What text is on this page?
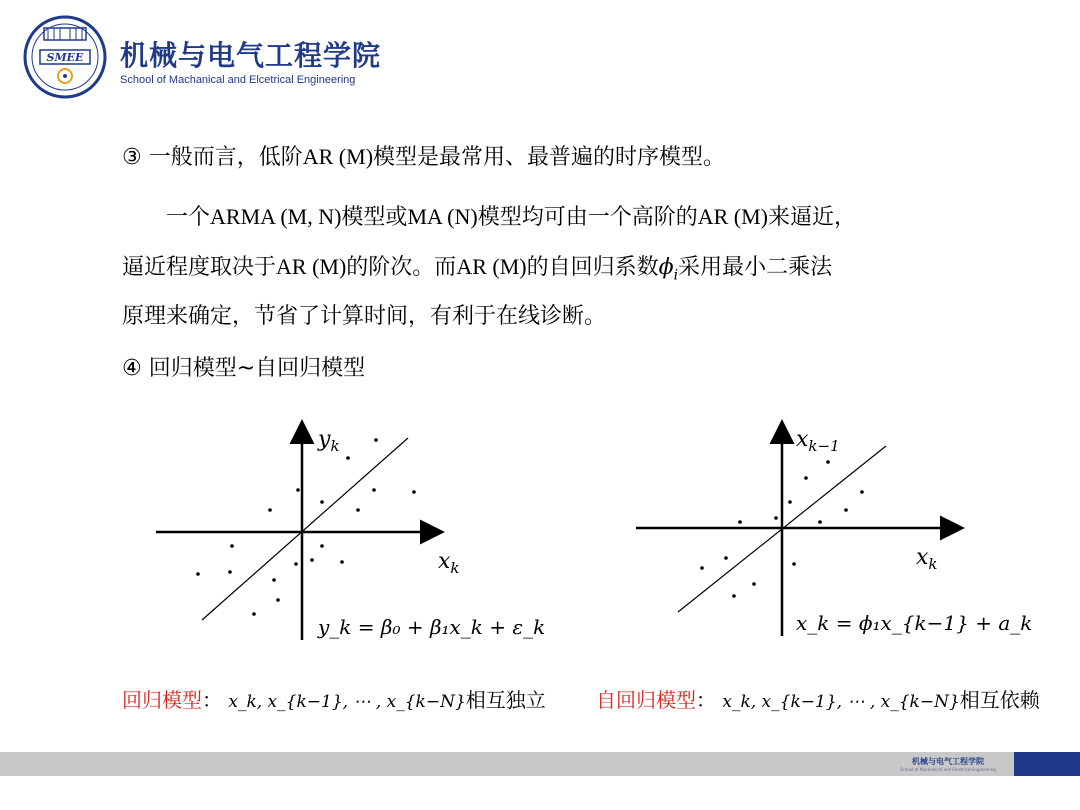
SMEE 机械与电气工程学院
School of Machanical and Elcetrical Engineering
③ 一般而言，低阶AR (M)模型是最常用、最普遍的时序模型。
一个ARMA (M, N)模型或MA (N)模型均可由一个高阶的AR (M)来逼近，
逼近程度取决于AR (M)的阶次。而AR (M)的自回归系数$\phi_i$采用最小二乘法
原理来确定，节省了计算时间，有利于在线诊断。
④ 回归模型~自回归模型
$y_k$
$x_k$
y_k = β₀ + β₁x_k + ε_k
$x_{k-1}$
$x_k$
x_k = ϕ₁x_{k−1} + a_k
回归模型： x_k, x_{k−1}, ⋯ , x_{k−N}相互独立	自回归模型： x_k, x_{k−1}, ⋯ , x_{k−N}相互依赖
机械与电气工程学院
School of Machanical and Elcetrical Engineering
